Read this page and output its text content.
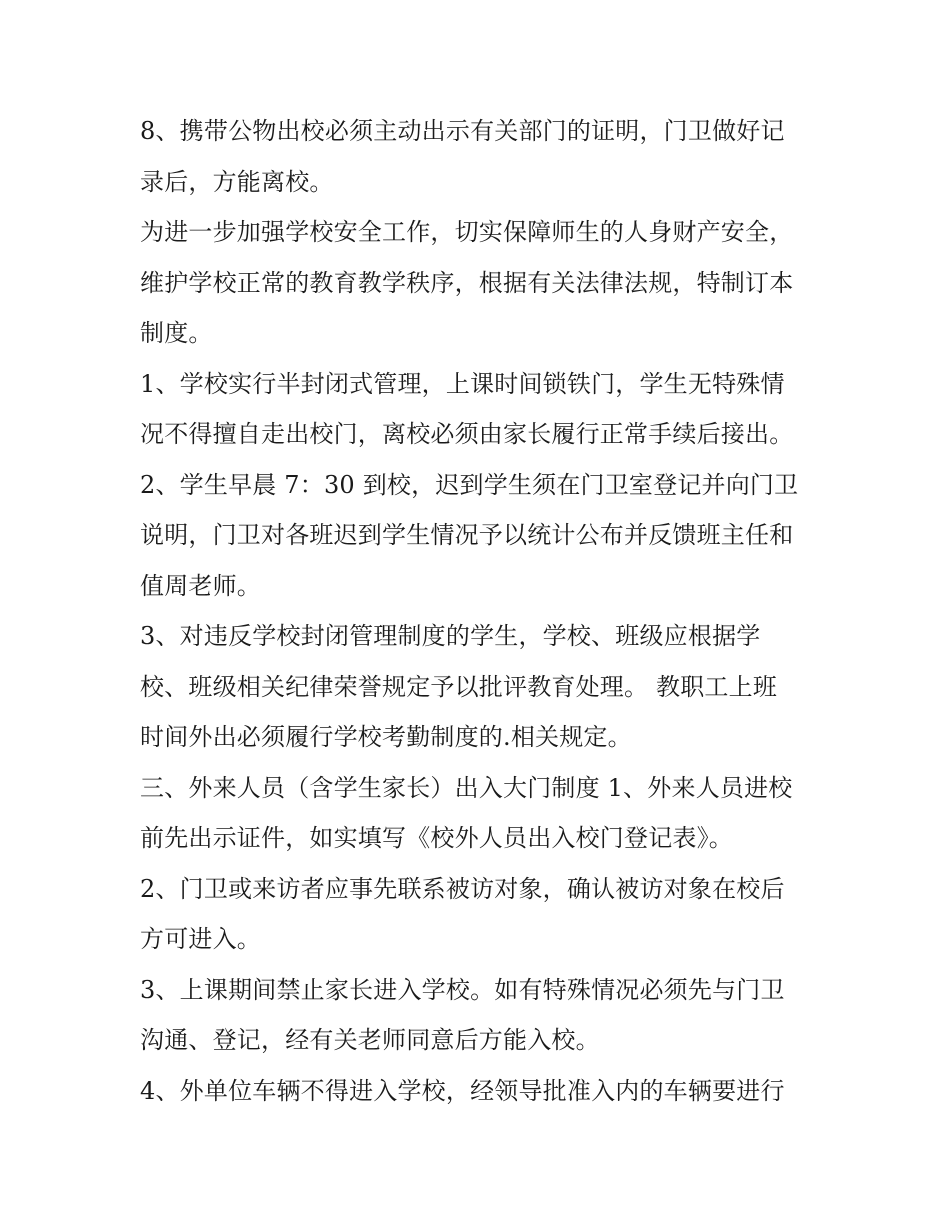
8、携带公物出校必须主动出示有关部门的证明，门卫做好记
录后，方能离校。
为进一步加强学校安全工作，切实保障师生的人身财产安全，
维护学校正常的教育教学秩序，根据有关法律法规，特制订本
制度。
1、学校实行半封闭式管理，上课时间锁铁门，学生无特殊情
况不得擅自走出校门，离校必须由家长履行正常手续后接出。
2、学生早晨 7：30 到校，迟到学生须在门卫室登记并向门卫
说明，门卫对各班迟到学生情况予以统计公布并反馈班主任和
值周老师。
3、对违反学校封闭管理制度的学生，学校、班级应根据学
校、班级相关纪律荣誉规定予以批评教育处理。 教职工上班
时间外出必须履行学校考勤制度的.相关规定。
三、外来人员（含学生家长）出入大门制度 1、外来人员进校
前先出示证件，如实填写《校外人员出入校门登记表》。
2、门卫或来访者应事先联系被访对象，确认被访对象在校后
方可进入。
3、上课期间禁止家长进入学校。如有特殊情况必须先与门卫
沟通、登记，经有关老师同意后方能入校。
4、外单位车辆不得进入学校，经领导批准入内的车辆要进行
